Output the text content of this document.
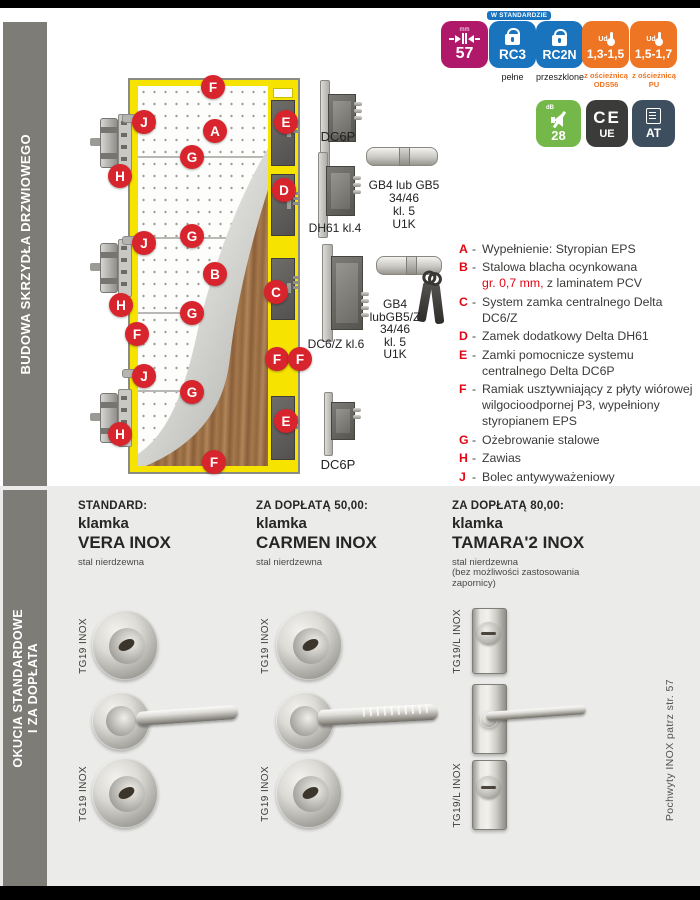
BUDOWA SKRZYDŁA DRZWIOWEGO
OKUCIA STANDARDOWE I ZA DOPŁATA
F
J
A
E
G
H
D
G
J
B
C
H
G
F
J
F	F
G
E
H
F
DC6P
GB4 lub GB5
34/46
kl. 5
U1K
DH61 kl.4
DC6/Z kl.6
GB4
lubGB5/Z
34/46
kl. 5
U1K
DC6P
W STANDARDZIE
mm
57 RC3
pełne
RC2N
przeszklone
Ud
1,3-1,5
z ościeżnicą
ODS56
Ud
1,5-1,7
z ościeżnicą
PU
dB
28
CE
UE	AT
A - Wypełnienie: Styropian EPS
B - Stalowa blacha ocynkowana
gr. 0,7 mm, z laminatem PCV
C - System zamka centralnego Delta DC6/Z
D - Zamek dodatkowy Delta DH61
E - Zamki pomocnicze systemu centralnego Delta DC6P
F - Ramiak usztywniający z płyty wiórowej wilgocioodpornej P3, wypełniony styropianem EPS
G - Ożebrowanie stalowe
H - Zawias
J - Bolec antywyważeniowy
STANDARD:
klamka
VERA INOX
stal nierdzewna
ZA DOPŁATĄ 50,00:
klamka
CARMEN INOX
stal nierdzewna
ZA DOPŁATĄ 80,00:
klamka
TAMARA'2 INOX
stal nierdzewna
(bez możliwości zastosowania zapornicy)
TG19 INOX
TG19 INOX
TG19 INOX
TG19 INOX
TG19/L INOX
TG19/L INOX	Pochwyty INOX patrz str. 57
